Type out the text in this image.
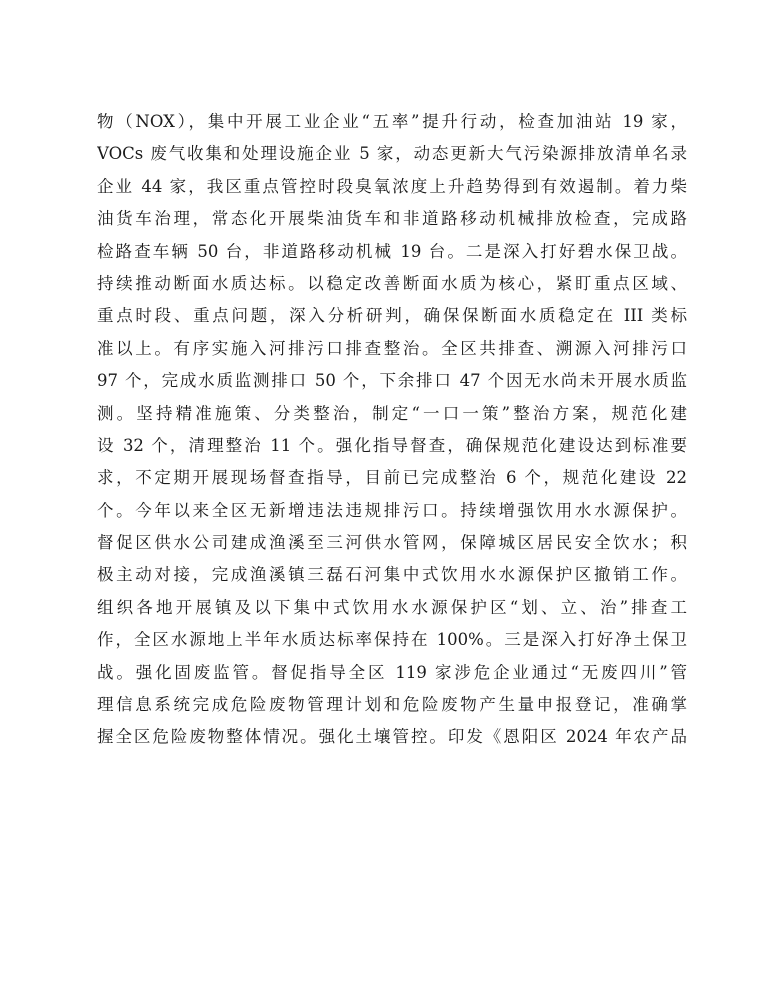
物（NOX），集中开展工业企业“五率”提升行动，检查加油站 19 家，
VOCs 废气收集和处理设施企业 5 家，动态更新大气污染源排放清单名录
企业 44 家，我区重点管控时段臭氧浓度上升趋势得到有效遏制。着力柴
油货车治理，常态化开展柴油货车和非道路移动机械排放检查，完成路
检路查车辆 50 台，非道路移动机械 19 台。二是深入打好碧水保卫战。
持续推动断面水质达标。以稳定改善断面水质为核心，紧盯重点区域、
重点时段、重点问题，深入分析研判，确保保断面水质稳定在 III 类标
准以上。有序实施入河排污口排查整治。全区共排查、溯源入河排污口
97 个，完成水质监测排口 50 个，下余排口 47 个因无水尚未开展水质监
测。坚持精准施策、分类整治，制定“一口一策”整治方案，规范化建
设 32 个，清理整治 11 个。强化指导督查，确保规范化建设达到标准要
求，不定期开展现场督查指导，目前已完成整治 6 个，规范化建设 22
个。今年以来全区无新增违法违规排污口。持续增强饮用水水源保护。
督促区供水公司建成渔溪至三河供水管网，保障城区居民安全饮水；积
极主动对接，完成渔溪镇三磊石河集中式饮用水水源保护区撤销工作。
组织各地开展镇及以下集中式饮用水水源保护区“划、立、治”排查工
作，全区水源地上半年水质达标率保持在 100%。三是深入打好净土保卫
战。强化固废监管。督促指导全区 119 家涉危企业通过“无废四川”管
理信息系统完成危险废物管理计划和危险废物产生量申报登记，准确掌
握全区危险废物整体情况。强化土壤管控。印发《恩阳区 2024 年农产品
